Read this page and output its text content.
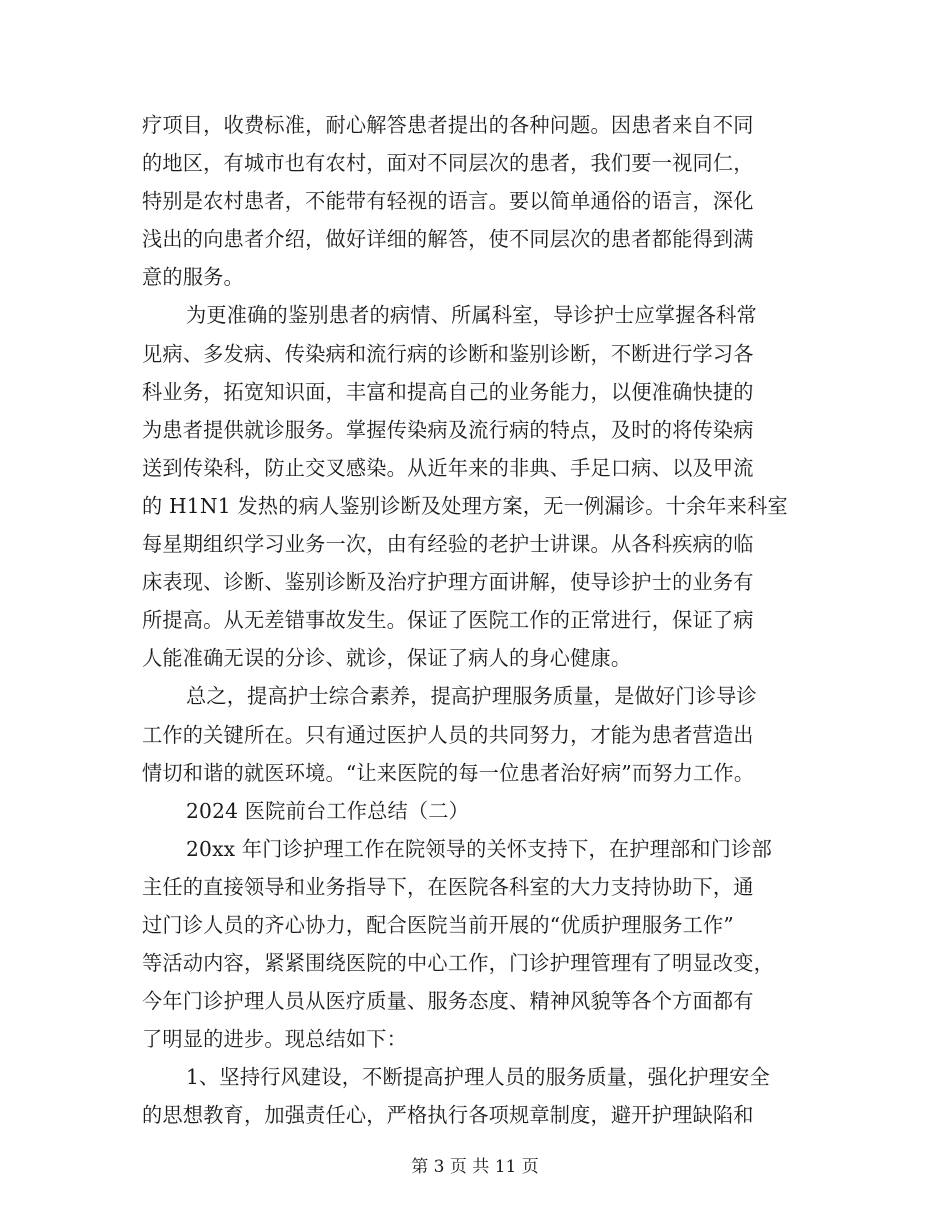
疗项目，收费标准，耐心解答患者提出的各种问题。因患者来自不同
的地区，有城市也有农村，面对不同层次的患者，我们要一视同仁，
特别是农村患者，不能带有轻视的语言。要以简单通俗的语言，深化
浅出的向患者介绍，做好详细的解答，使不同层次的患者都能得到满
意的服务。
为更准确的鉴别患者的病情、所属科室，导诊护士应掌握各科常
见病、多发病、传染病和流行病的诊断和鉴别诊断，不断进行学习各
科业务，拓宽知识面，丰富和提高自己的业务能力，以便准确快捷的
为患者提供就诊服务。掌握传染病及流行病的特点，及时的将传染病
送到传染科，防止交叉感染。从近年来的非典、手足口病、以及甲流
的 H1N1 发热的病人鉴别诊断及处理方案，无一例漏诊。十余年来科室
每星期组织学习业务一次，由有经验的老护士讲课。从各科疾病的临
床表现、诊断、鉴别诊断及治疗护理方面讲解，使导诊护士的业务有
所提高。从无差错事故发生。保证了医院工作的正常进行，保证了病
人能准确无误的分诊、就诊，保证了病人的身心健康。
总之，提高护士综合素养，提高护理服务质量，是做好门诊导诊
工作的关键所在。只有通过医护人员的共同努力，才能为患者营造出
情切和谐的就医环境。“让来医院的每一位患者治好病”而努力工作。
2024 医院前台工作总结（二）
20xx 年门诊护理工作在院领导的关怀支持下，在护理部和门诊部
主任的直接领导和业务指导下，在医院各科室的大力支持协助下，通
过门诊人员的齐心协力，配合医院当前开展的“优质护理服务工作”
等活动内容，紧紧围绕医院的中心工作，门诊护理管理有了明显改变，
今年门诊护理人员从医疗质量、服务态度、精神风貌等各个方面都有
了明显的进步。现总结如下：
1、坚持行风建设，不断提高护理人员的服务质量，强化护理安全
的思想教育，加强责任心，严格执行各项规章制度，避开护理缺陷和
第 3 页 共 11 页
